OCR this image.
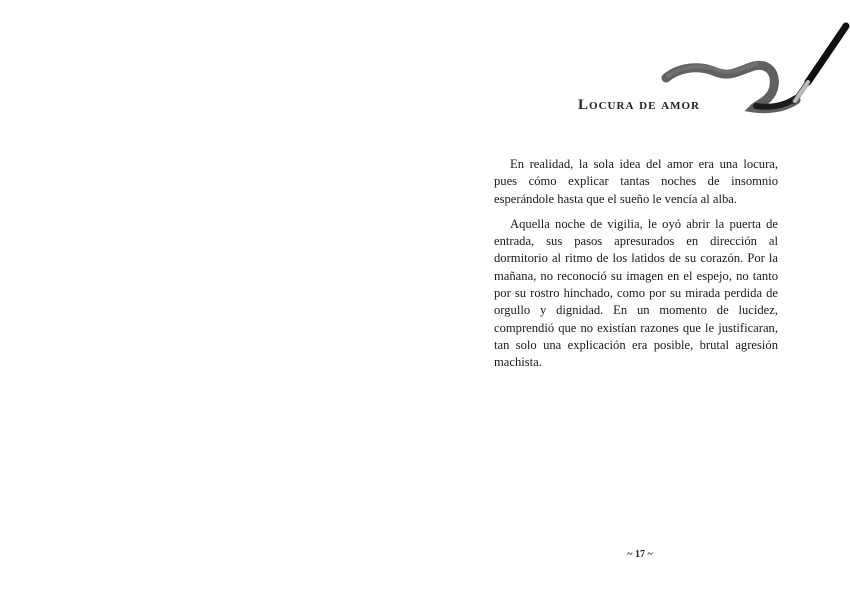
Locura de amor

En realidad, la sola idea del amor era una locura, pues cómo explicar tantas noches de insomnio esperándole hasta que el sueño le vencía al alba.

Aquella noche de vigilia, le oyó abrir la puerta de entrada, sus pasos apresurados en dirección al dormitorio al ritmo de los latidos de su corazón. Por la mañana, no reconoció su imagen en el espejo, no tanto por su rostro hinchado, como por su mirada perdida de orgullo y dignidad. En un momento de lucidez, comprendió que no existían razones que le justificaran, tan solo una explicación era posible, brutal agresión machista.

~ 17 ~
